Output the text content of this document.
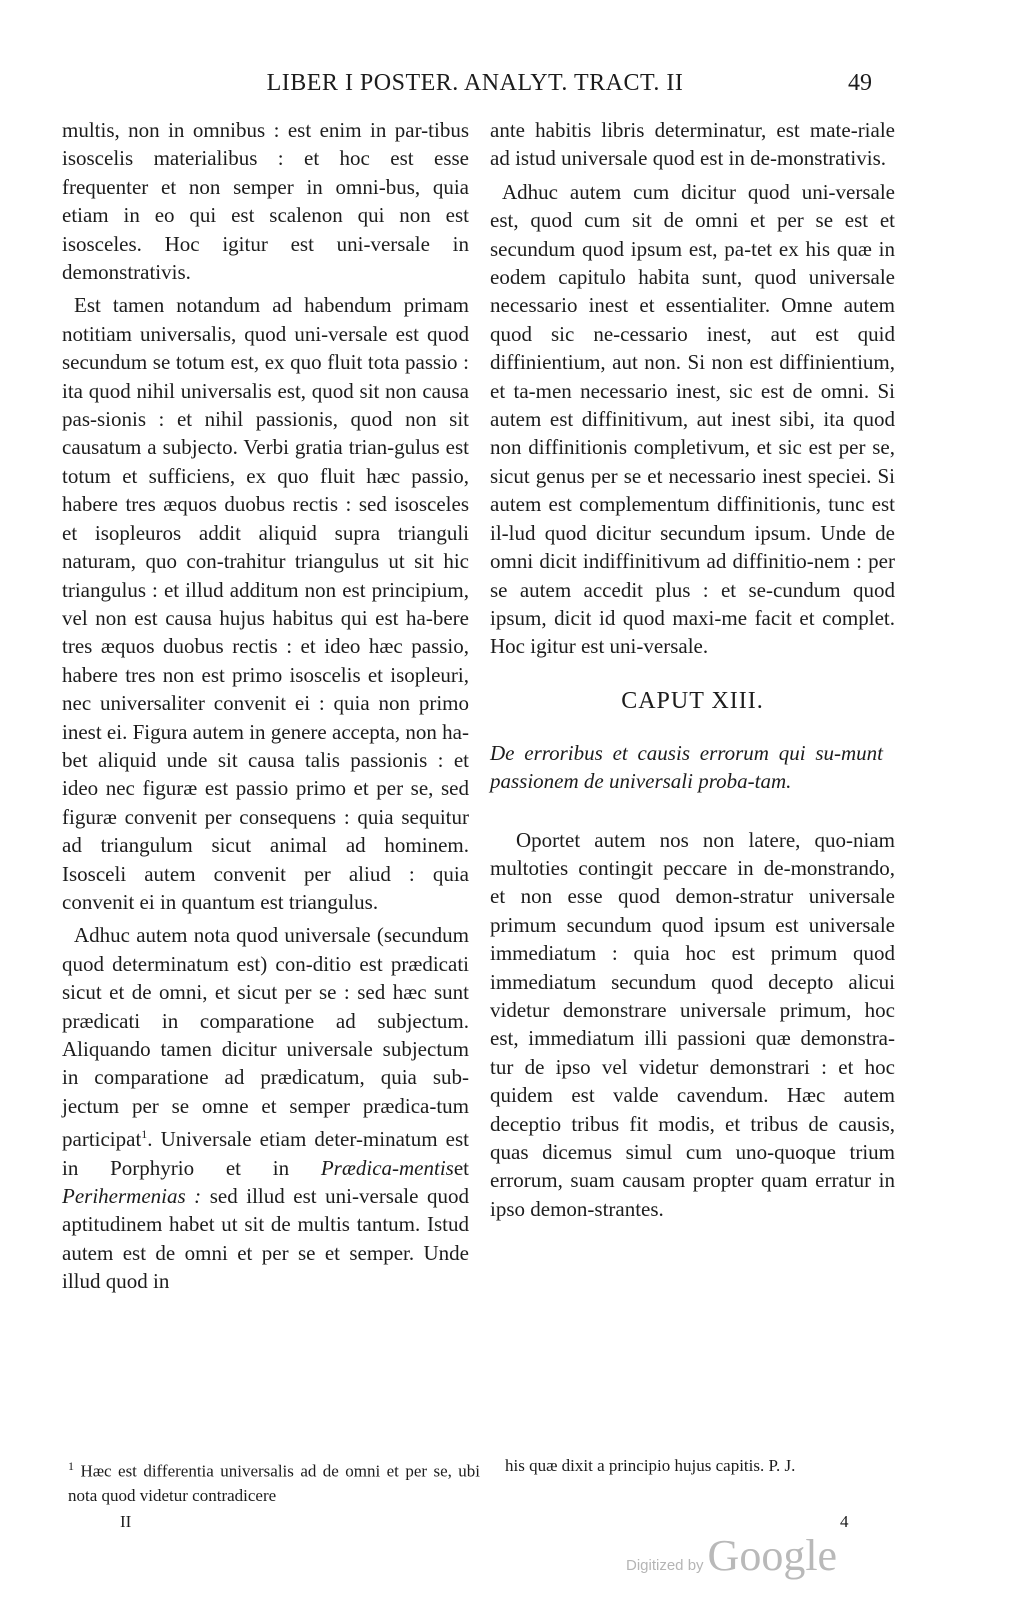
LIBER I POSTER. ANALYT. TRACT. II	49

multis, non in omnibus : est enim in par-tibus isoscelis materialibus : et hoc est esse frequenter et non semper in omni-bus, quia etiam in eo qui est scalenon qui non est isosceles. Hoc igitur est uni-versale in demonstrativis.

Est tamen notandum ad habendum primam notitiam universalis, quod uni-versale est quod secundum se totum est, ex quo fluit tota passio : ita quod nihil universalis est, quod sit non causa pas-sionis : et nihil passionis, quod non sit causatum a subjecto. Verbi gratia trian-gulus est totum et sufficiens, ex quo fluit hæc passio, habere tres æquos duobus rectis : sed isosceles et isopleuros addit aliquid supra trianguli naturam, quo con-trahitur triangulus ut sit hic triangulus : et illud additum non est principium, vel non est causa hujus habitus qui est ha-bere tres æquos duobus rectis : et ideo hæc passio, habere tres non est primo isoscelis et isopleuri, nec universaliter convenit ei : quia non primo inest ei. Figura autem in genere accepta, non ha-bet aliquid unde sit causa talis passionis : et ideo nec figuræ est passio primo et per se, sed figuræ convenit per consequens : quia sequitur ad triangulum sicut animal ad hominem. Isosceli autem convenit per aliud : quia convenit ei in quantum est triangulus.

Adhuc autem nota quod universale (secundum quod determinatum est) con-ditio est prædicati sicut et de omni, et sicut per se : sed hæc sunt prædicati in comparatione ad subjectum. Aliquando tamen dicitur universale subjectum in comparatione ad prædicatum, quia sub-jectum per se omne et semper prædica-tum participat$^1$. Universale etiam deter-minatum est in Porphyrio et in Prædica-mentiset Perihermenias : sed illud est uni-versale quod aptitudinem habet ut sit de multis tantum. Istud autem est de omni et per se et semper. Unde illud quod in

ante habitis libris determinatur, est mate-riale ad istud universale quod est in de-monstrativis.

Adhuc autem cum dicitur quod uni-versale est, quod cum sit de omni et per se est et secundum quod ipsum est, pa-tet ex his quæ in eodem capitulo habita sunt, quod universale necessario inest et essentialiter. Omne autem quod sic ne-cessario inest, aut est quid diffinientium, aut non. Si non est diffinientium, et ta-men necessario inest, sic est de omni. Si autem est diffinitivum, aut inest sibi, ita quod non diffinitionis completivum, et sic est per se, sicut genus per se et necessario inest speciei. Si autem est complementum diffinitionis, tunc est il-lud quod dicitur secundum ipsum. Unde de omni dicit indiffinitivum ad diffinitio-nem : per se autem accedit plus : et se-cundum quod ipsum, dicit id quod maxi-me facit et complet. Hoc igitur est uni-versale.

CAPUT XIII.
De erroribus et causis errorum qui su-munt passionem de universali proba-tam.

Oportet autem nos non latere, quo-niam multoties contingit peccare in de-monstrando, et non esse quod demon-stratur universale primum secundum quod ipsum est universale immediatum : quia hoc est primum quod immediatum secundum quod decepto alicui videtur demonstrare universale primum, hoc est, immediatum illi passioni quæ demonstra-tur de ipso vel videtur demonstrari : et hoc quidem est valde cavendum. Hæc autem deceptio tribus fit modis, et tribus de causis, quas dicemus simul cum uno-quoque trium errorum, suam causam propter quam erratur in ipso demon-strantes.

$^1$ Hæc est differentia universalis ad de omni et per se, ubi nota quod videtur contradicere
his quæ dixit a principio hujus capitis. P. J.
II	4
Digitized by Google
